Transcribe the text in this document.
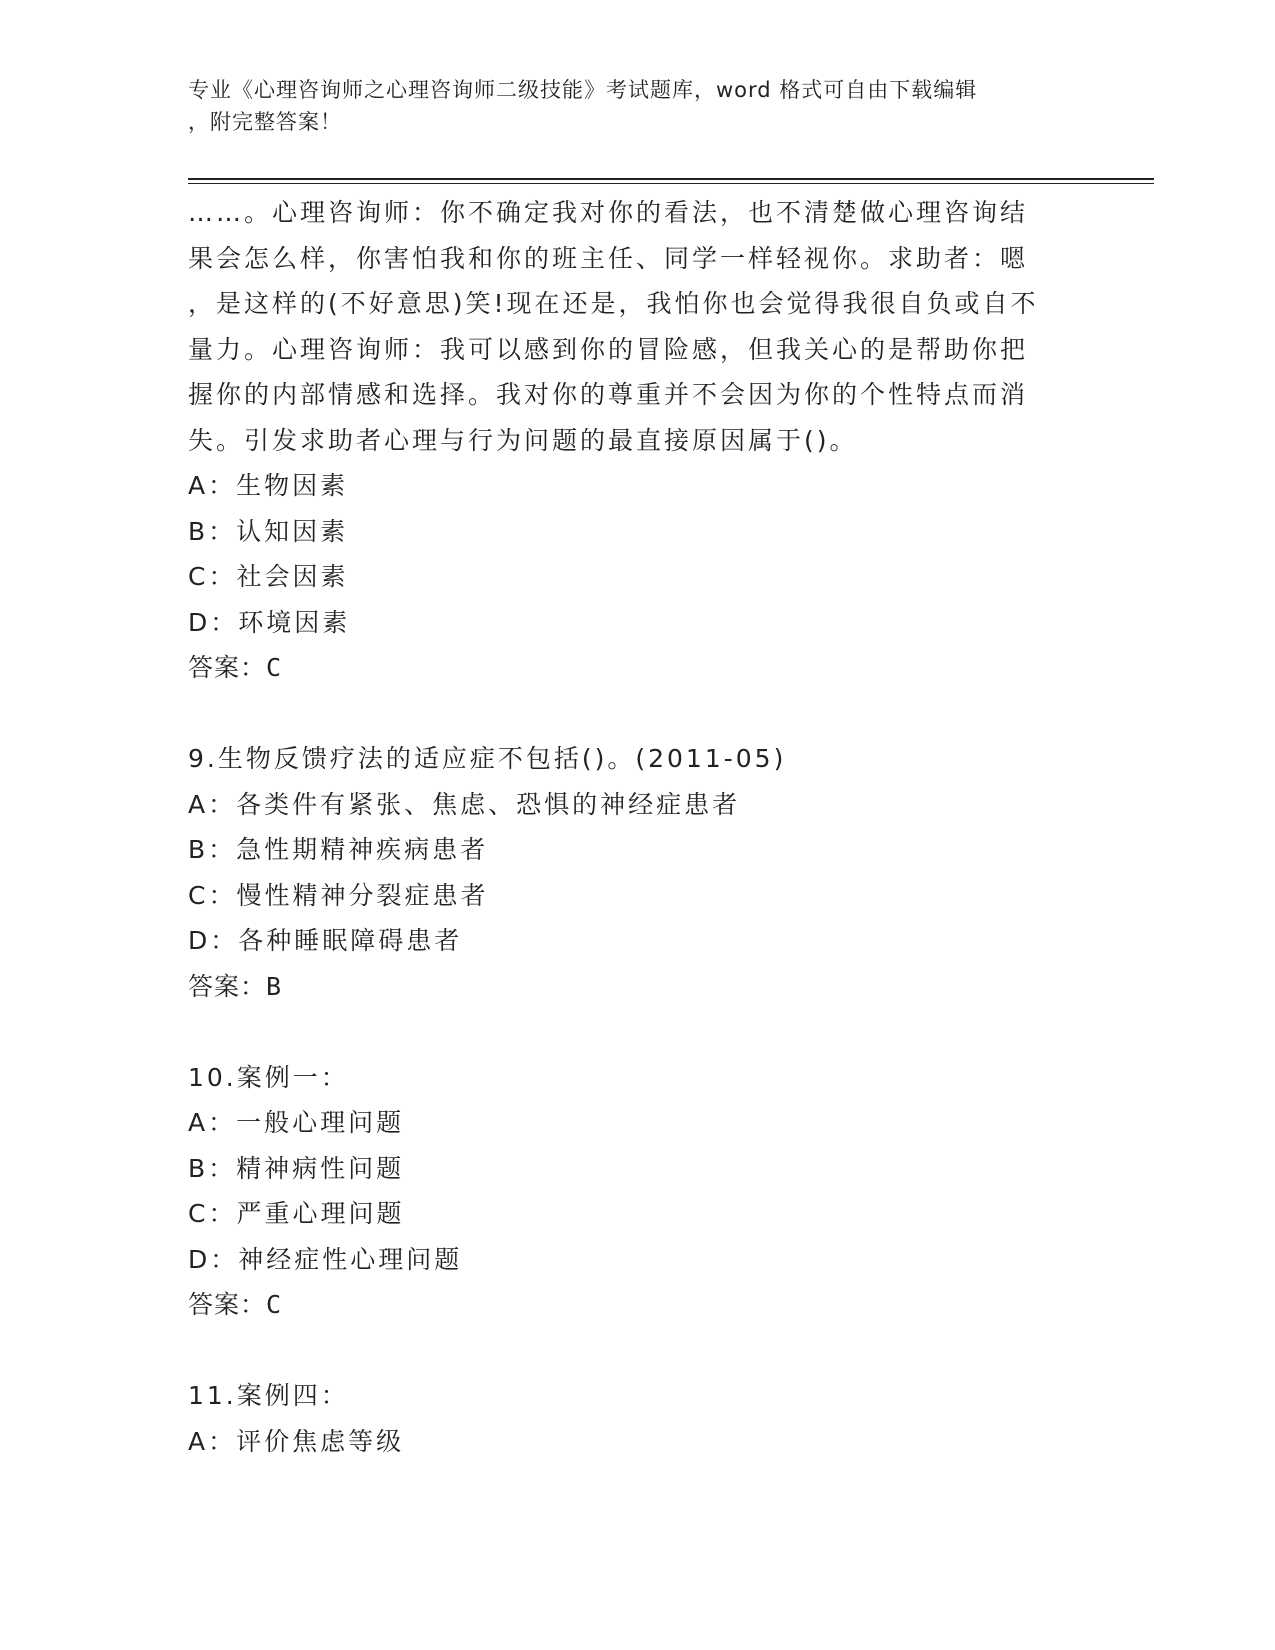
专业《心理咨询师之心理咨询师二级技能》考试题库，word 格式可自由下载编辑
，附完整答案！
……。心理咨询师：你不确定我对你的看法，也不清楚做心理咨询结
果会怎么样，你害怕我和你的班主任、同学一样轻视你。求助者：嗯
，是这样的(不好意思)笑!现在还是，我怕你也会觉得我很自负或自不
量力。心理咨询师：我可以感到你的冒险感，但我关心的是帮助你把
握你的内部情感和选择。我对你的尊重并不会因为你的个性特点而消
失。引发求助者心理与行为问题的最直接原因属于()。
A：生物因素
B：认知因素
C：社会因素
D：环境因素
答案：C
9.生物反馈疗法的适应症不包括()。(2011-05)
A：各类件有紧张、焦虑、恐惧的神经症患者
B：急性期精神疾病患者
C：慢性精神分裂症患者
D：各种睡眠障碍患者
答案：B
10.案例一：
A：一般心理问题
B：精神病性问题
C：严重心理问题
D：神经症性心理问题
答案：C
11.案例四：
A：评价焦虑等级
